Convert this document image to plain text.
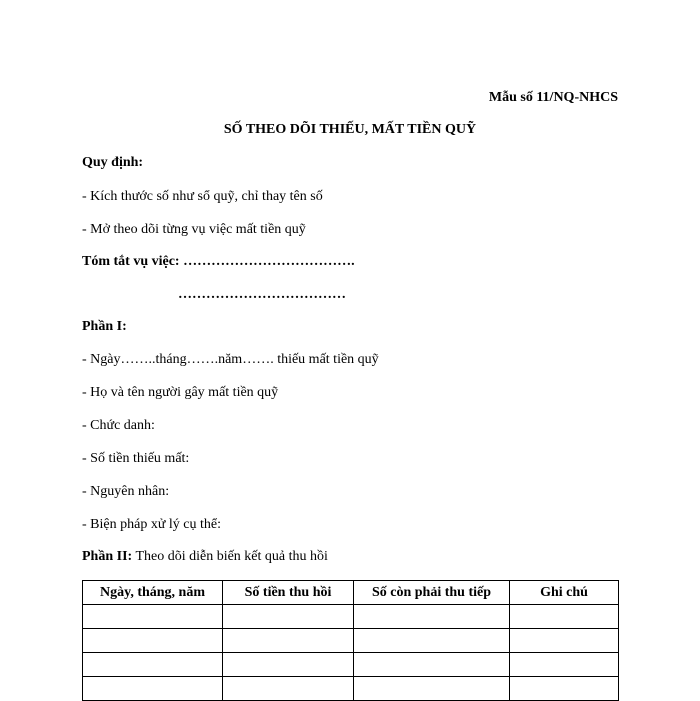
Mẫu số 11/NQ-NHCS
SỐ THEO DÕI THIẾU, MẤT TIỀN QUỸ
Quy định:
- Kích thước số như sổ quỹ, chỉ thay tên số
- Mở theo dõi từng vụ việc mất tiền quỹ
Tóm tắt vụ việc: ……………………………….
………………………………
Phần I:
- Ngày……..tháng…….năm……. thiếu mất tiền quỹ
- Họ và tên người gây mất tiền quỹ
- Chức danh:
- Số tiền thiếu mất:
- Nguyên nhân:
- Biện pháp xử lý cụ thể:
Phần II: Theo dõi diễn biến kết quả thu hồi
Ngày, tháng, năm	Số tiền thu hồi	Số còn phải thu tiếp	Ghi chú
